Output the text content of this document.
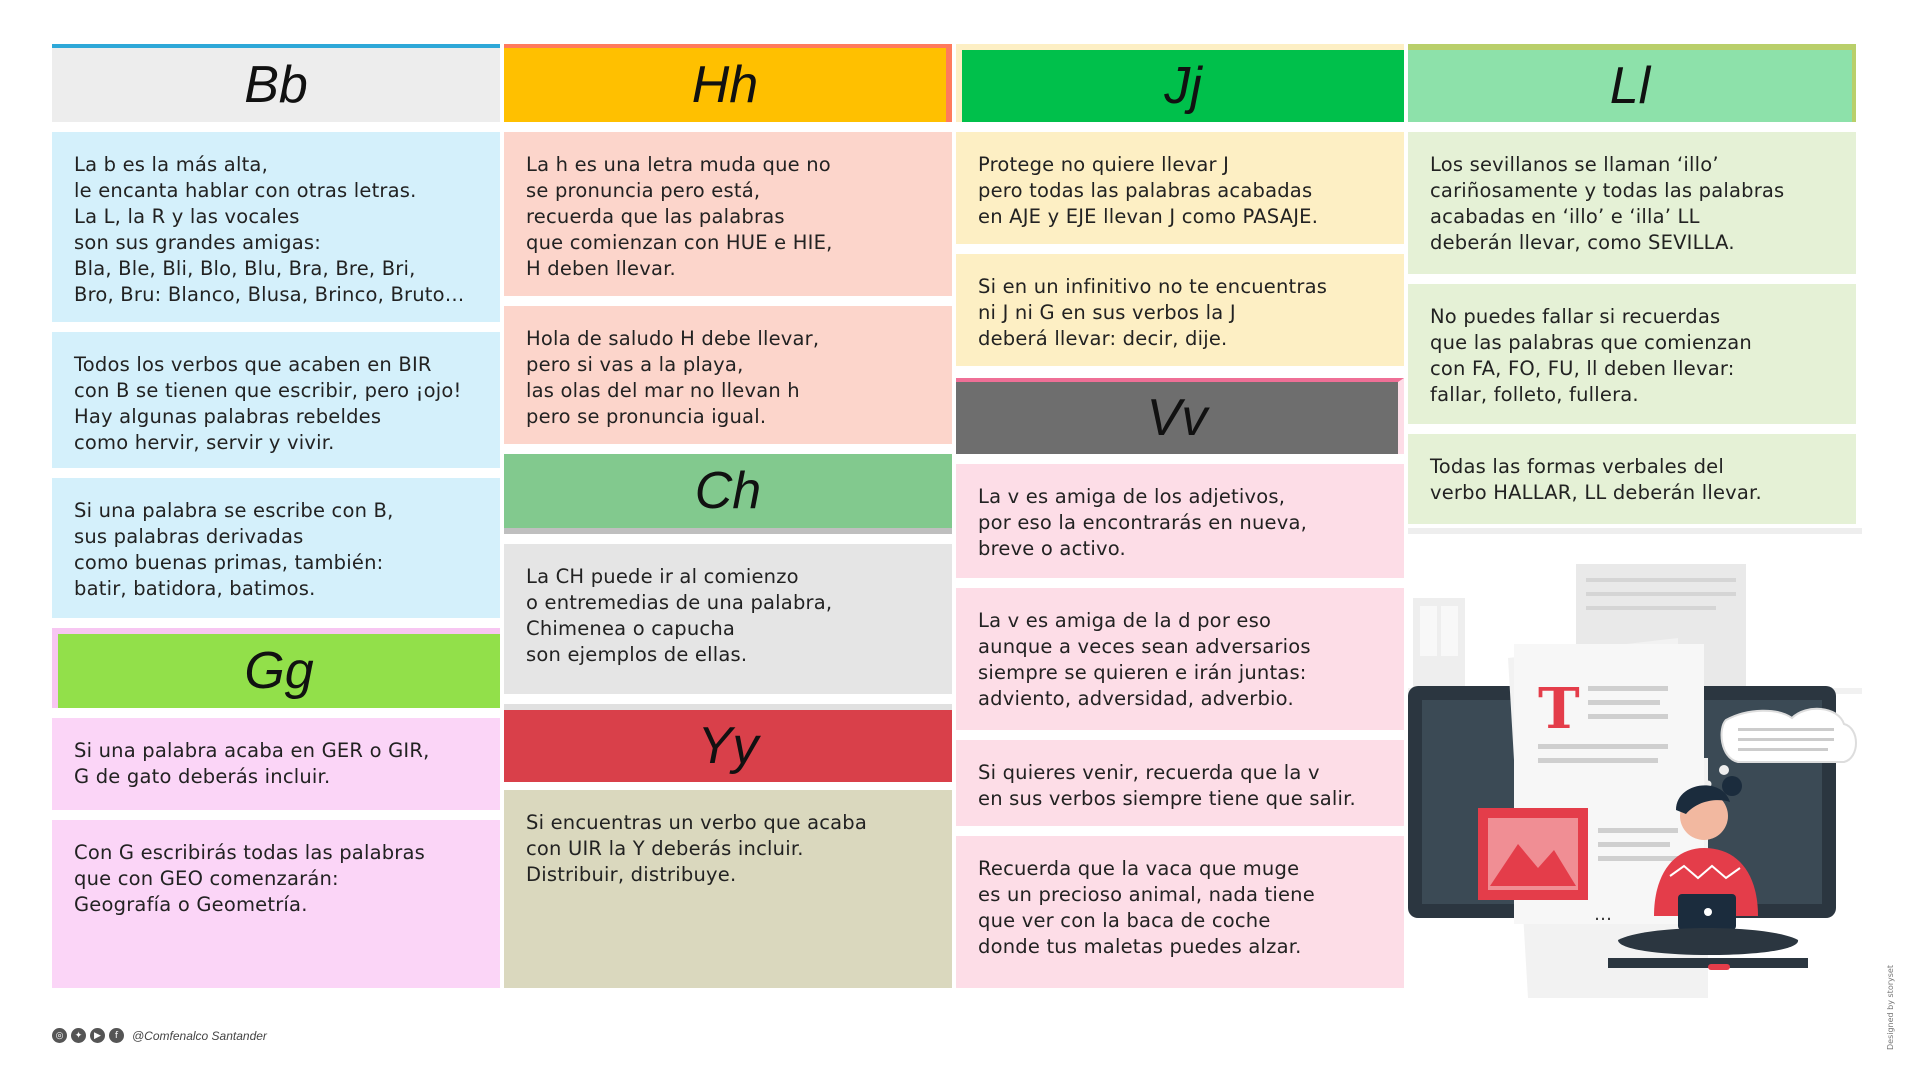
Bb
La b es la más alta,
le encanta hablar con otras letras.
La L, la R y las vocales
son sus grandes amigas:
Bla, Ble, Bli, Blo, Blu, Bra, Bre, Bri,
Bro, Bru: Blanco, Blusa, Brinco, Bruto…
Todos los verbos que acaben en BIR
con B se tienen que escribir, pero ¡ojo!
Hay algunas palabras rebeldes
como hervir, servir y vivir.
Si una palabra se escribe con B,
sus palabras derivadas
como buenas primas, también:
batir, batidora, batimos.
Gg
Si una palabra acaba en GER o GIR,
G de gato deberás incluir.
Con G escribirás todas las palabras
que con GEO comenzarán:
Geografía o Geometría.
Hh
La h es una letra muda que no
se pronuncia pero está,
recuerda que las palabras
que comienzan con HUE e HIE,
H deben llevar.
Hola de saludo H debe llevar,
pero si vas a la playa,
las olas del mar no llevan h
pero se pronuncia igual.
Ch
La CH puede ir al comienzo
o entremedias de una palabra,
Chimenea o capucha
son ejemplos de ellas.
Yy
Si encuentras un verbo que acaba
con UIR la Y deberás incluir.
Distribuir, distribuye.
Jj
Protege no quiere llevar J
pero todas las palabras acabadas
en AJE y EJE llevan J como PASAJE.
Si en un infinitivo no te encuentras
ni J ni G en sus verbos la J
deberá llevar: decir, dije.
Vv
La v es amiga de los adjetivos,
por eso la encontrarás en nueva,
breve o activo.
La v es amiga de la d por eso
aunque a veces sean adversarios
siempre se quieren e irán juntas:
adviento, adversidad, adverbio.
Si quieres venir, recuerda que la v
en sus verbos siempre tiene que salir.
Recuerda que la vaca que muge
es un precioso animal, nada tiene
que ver con la baca de coche
donde tus maletas puedes alzar.
Ll
Los sevillanos se llaman ‘illo’
cariñosamente y todas las palabras
acabadas en ‘illo’ e ‘illa’ LL
deberán llevar, como SEVILLA.
No puedes fallar si recuerdas
que las palabras que comienzan
con FA, FO, FU, ll deben llevar:
fallar, folleto, fullera.
Todas las formas verbales del
verbo HALLAR, LL deberán llevar.
T
…
◎	✦	▶	f	@Comfenalco Santander	Designed by storyset
